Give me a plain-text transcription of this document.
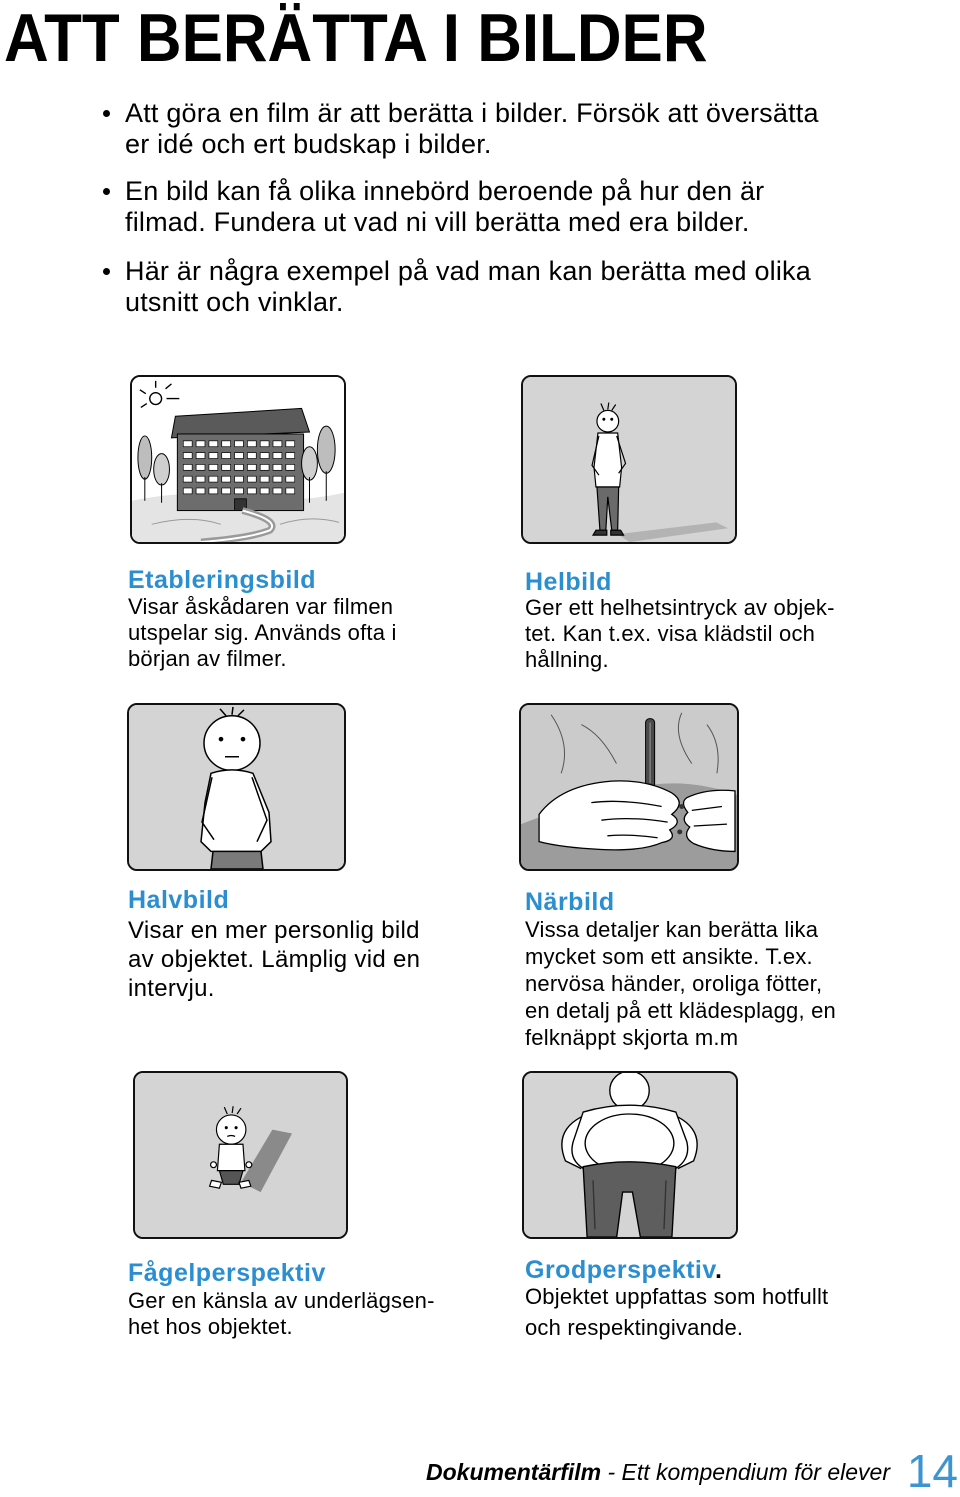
ATT BERÄTTA I BILDER
Att göra en film är att berätta i bilder. Försök att översätta
er idé och ert budskap i bilder.
En bild kan få olika innebörd beroende på hur den är
filmad. Fundera ut vad ni vill berätta med era bilder.
Här är några exempel på vad man kan berätta med olika
utsnitt och vinklar.
Etableringsbild
Visar åskådaren var filmen
utspelar sig. Används ofta i
början av filmer.
Helbild
Ger ett helhetsintryck av objek-
tet. Kan t.ex. visa klädstil och
hållning.
Halvbild
Visar en mer personlig bild
av objektet. Lämplig vid en
intervju.
Närbild
Vissa detaljer kan berätta lika
mycket som ett ansikte. T.ex.
nervösa händer, oroliga fötter,
en detalj på ett klädesplagg, en
felknäppt skjorta m.m
Fågelperspektiv
Ger en känsla av underlägsen-
het hos objektet.
Grodperspektiv.
Objektet uppfattas som hotfullt
och respektingivande.
Dokumentärfilm - Ett kompendium för elever 14
